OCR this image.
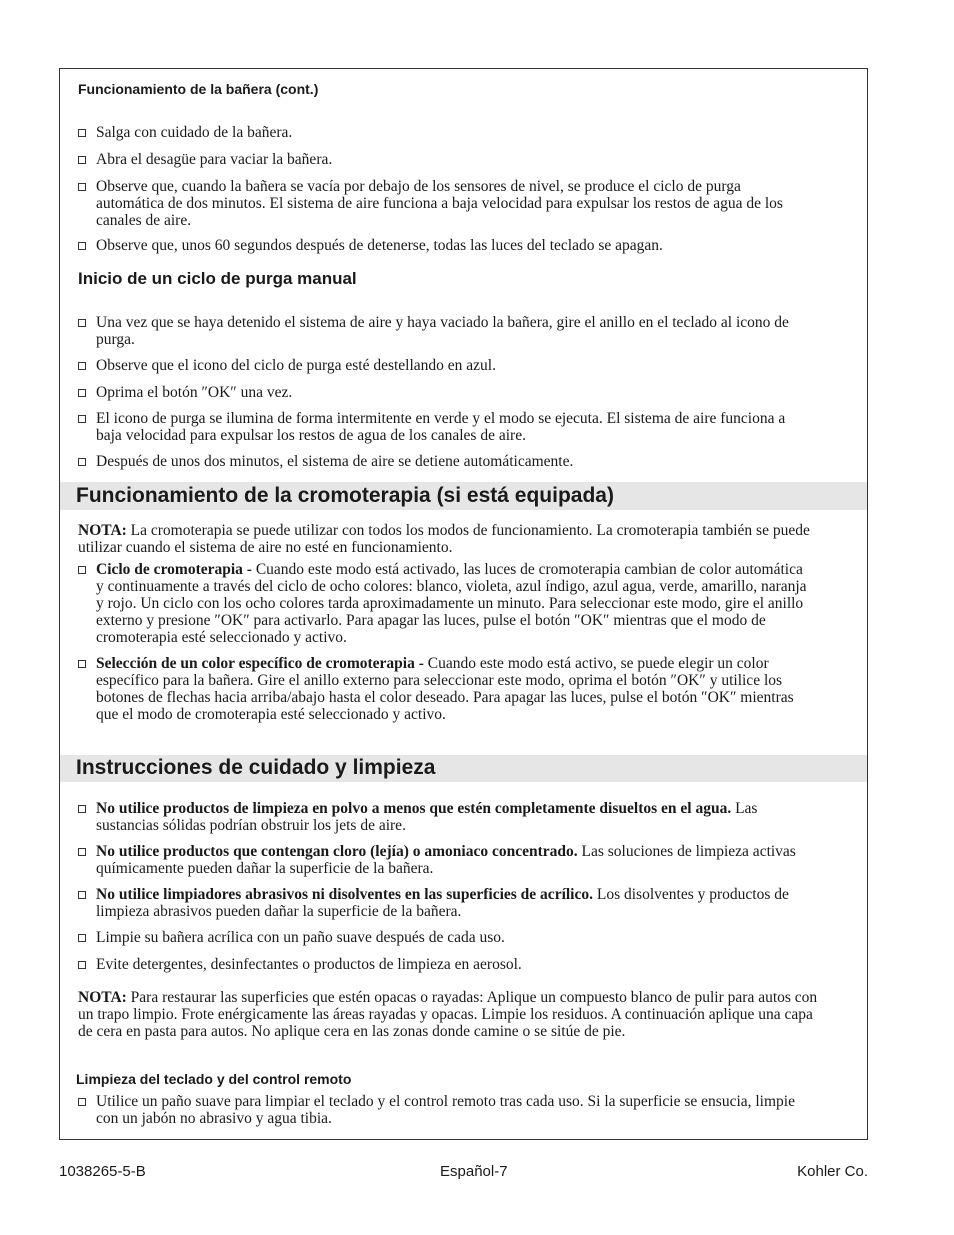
Funcionamiento de la bañera (cont.)
Salga con cuidado de la bañera.
Abra el desagüe para vaciar la bañera.
Observe que, cuando la bañera se vacía por debajo de los sensores de nivel, se produce el ciclo de purga automática de dos minutos. El sistema de aire funciona a baja velocidad para expulsar los restos de agua de los canales de aire.
Observe que, unos 60 segundos después de detenerse, todas las luces del teclado se apagan.
Inicio de un ciclo de purga manual
Una vez que se haya detenido el sistema de aire y haya vaciado la bañera, gire el anillo en el teclado al icono de purga.
Observe que el icono del ciclo de purga esté destellando en azul.
Oprima el botón ″OK″ una vez.
El icono de purga se ilumina de forma intermitente en verde y el modo se ejecuta. El sistema de aire funciona a baja velocidad para expulsar los restos de agua de los canales de aire.
Después de unos dos minutos, el sistema de aire se detiene automáticamente.
Funcionamiento de la cromoterapia (si está equipada)
NOTA: La cromoterapia se puede utilizar con todos los modos de funcionamiento. La cromoterapia también se puede utilizar cuando el sistema de aire no esté en funcionamiento.
Ciclo de cromoterapia - Cuando este modo está activado, las luces de cromoterapia cambian de color automática y continuamente a través del ciclo de ocho colores: blanco, violeta, azul índigo, azul agua, verde, amarillo, naranja y rojo. Un ciclo con los ocho colores tarda aproximadamente un minuto. Para seleccionar este modo, gire el anillo externo y presione ″OK″ para activarlo. Para apagar las luces, pulse el botón ″OK″ mientras que el modo de cromoterapia esté seleccionado y activo.
Selección de un color específico de cromoterapia - Cuando este modo está activo, se puede elegir un color específico para la bañera. Gire el anillo externo para seleccionar este modo, oprima el botón ″OK″ y utilice los botones de flechas hacia arriba/abajo hasta el color deseado. Para apagar las luces, pulse el botón ″OK″ mientras que el modo de cromoterapia esté seleccionado y activo.
Instrucciones de cuidado y limpieza
No utilice productos de limpieza en polvo a menos que estén completamente disueltos en el agua. Las sustancias sólidas podrían obstruir los jets de aire.
No utilice productos que contengan cloro (lejía) o amoniaco concentrado. Las soluciones de limpieza activas químicamente pueden dañar la superficie de la bañera.
No utilice limpiadores abrasivos ni disolventes en las superficies de acrílico. Los disolventes y productos de limpieza abrasivos pueden dañar la superficie de la bañera.
Limpie su bañera acrílica con un paño suave después de cada uso.
Evite detergentes, desinfectantes o productos de limpieza en aerosol.
NOTA: Para restaurar las superficies que estén opacas o rayadas: Aplique un compuesto blanco de pulir para autos con un trapo limpio. Frote enérgicamente las áreas rayadas y opacas. Limpie los residuos. A continuación aplique una capa de cera en pasta para autos. No aplique cera en las zonas donde camine o se sitúe de pie.
Limpieza del teclado y del control remoto
Utilice un paño suave para limpiar el teclado y el control remoto tras cada uso. Si la superficie se ensucia, limpie con un jabón no abrasivo y agua tibia.
1038265-5-B	Español-7	Kohler Co.
